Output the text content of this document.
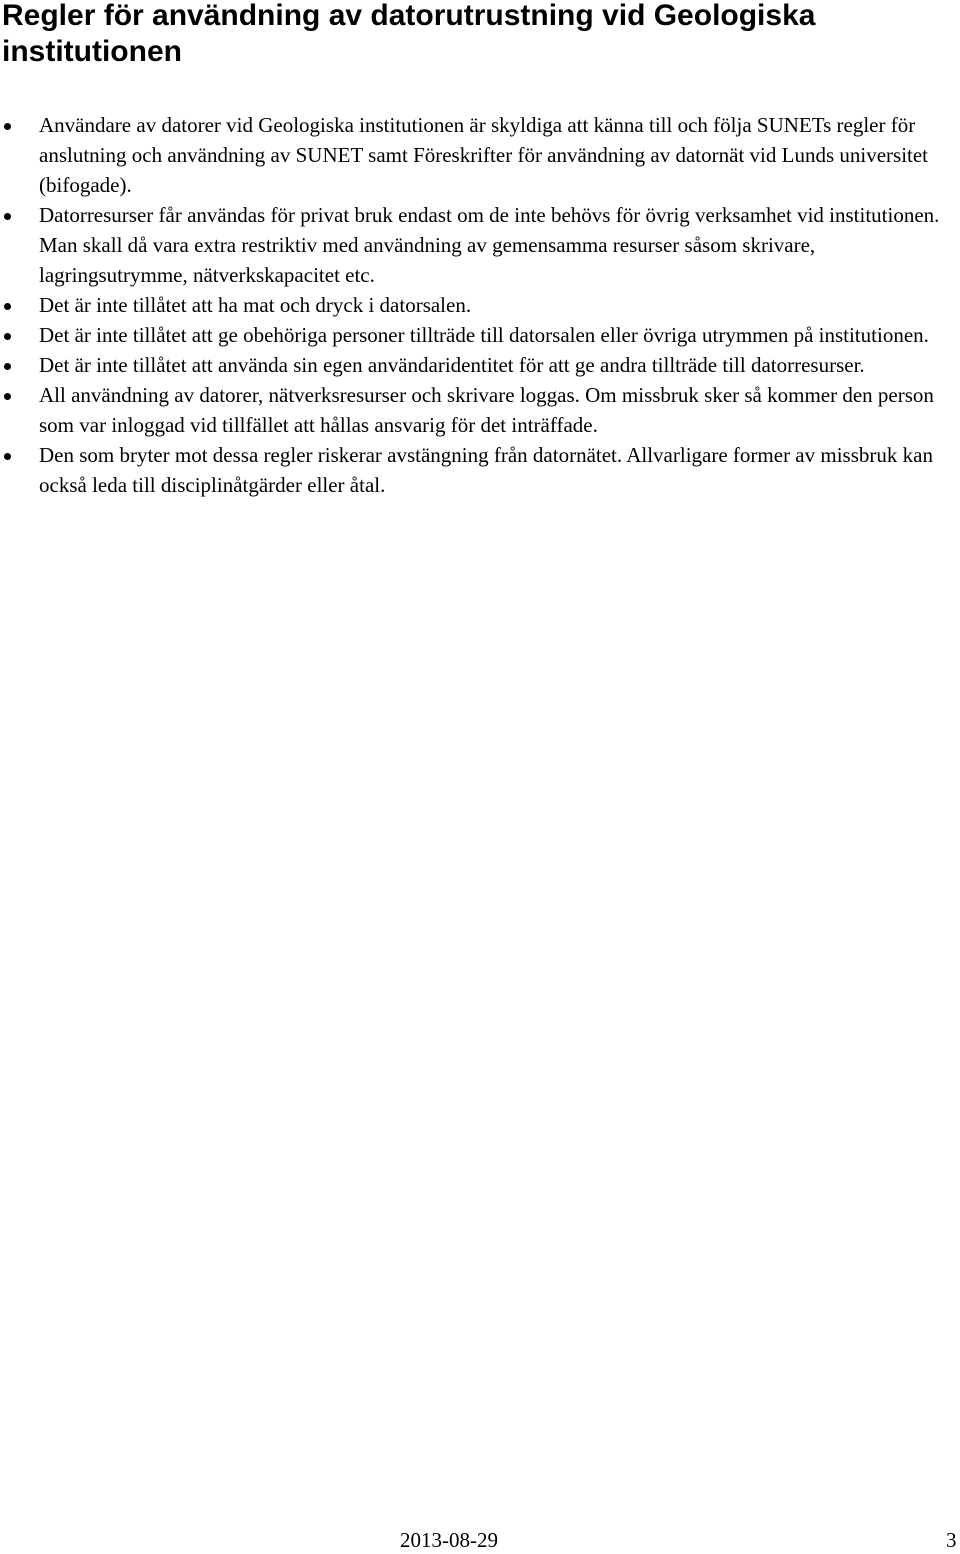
Regler för användning av datorutrustning vid Geologiska institutionen
Användare av datorer vid Geologiska institutionen är skyldiga att känna till och följa SUNETs regler för anslutning och användning av SUNET samt Föreskrifter för användning av datornät vid Lunds universitet (bifogade).
Datorresurser får användas för privat bruk endast om de inte behövs för övrig verksamhet vid institutionen. Man skall då vara extra restriktiv med användning av gemensamma resurser såsom skrivare, lagringsutrymme, nätverkskapacitet etc.
Det är inte tillåtet att ha mat och dryck i datorsalen.
Det är inte tillåtet att ge obehöriga personer tillträde till datorsalen eller övriga utrymmen på institutionen.
Det är inte tillåtet att använda sin egen användaridentitet för att ge andra tillträde till datorresurser.
All användning av datorer, nätverksresurser och skrivare loggas. Om missbruk sker så kommer den person som var inloggad vid tillfället att hållas ansvarig för det inträffade.
Den som bryter mot dessa regler riskerar avstängning från datornätet. Allvarligare former av missbruk kan också leda till disciplinåtgärder eller åtal.
2013-08-29	3
